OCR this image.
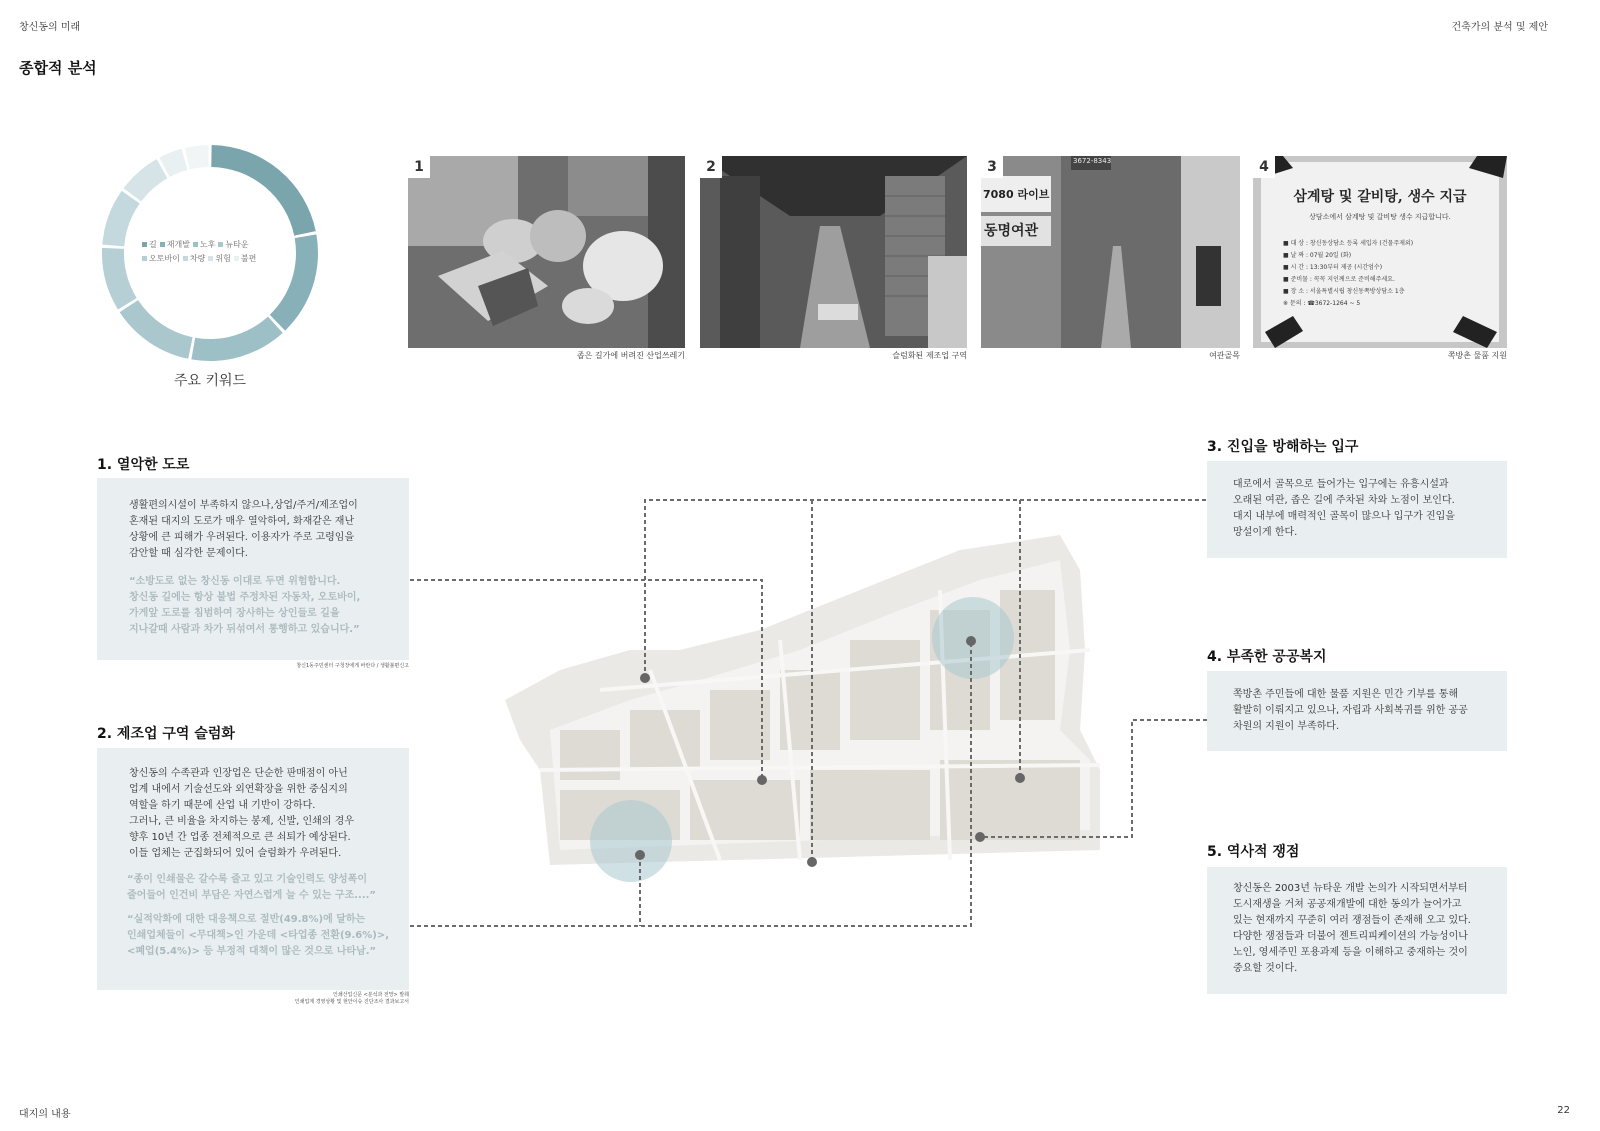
창신동의 미래	건축가의 분석 및 제안
종합적 분석
길 재개발 노후 뉴타운
오토바이 차량 위험 불편
주요 키워드
1
좁은 길가에 버려진 산업쓰레기
2
슬럼화된 제조업 구역
3672-8343
7080 라이브
동명여관
3
여관골목
삼계탕 및 갈비탕, 생수 지급
상담소에서 삼계탕 및 갈비탕 생수 지급합니다.
■ 대 상 : 창신동상담소 등록 세입자 (건물주제외)
■ 날 짜 : 07월 20일 (화)
■ 시 간 : 13:30부터 제공 (시간엄수)
■ 준비물 : 꼭꼭 지인께으로 준비해주세요.
■ 장 소 : 서울특별시립 창신동쪽방상담소 1층
※ 문의 : ☎3672-1264 ~ 5
4
쪽방촌 물품 지원
1. 열악한 도로
생활편의시설이 부족하지 않으나,상업/주거/제조업이
혼재된 대지의 도로가 매우 열악하여, 화재같은 재난
상황에 큰 피해가 우려된다. 이용자가 주로 고령임을
감안할 때 심각한 문제이다.
“소방도로 없는 창신동 이대로 두면 위험합니다.
창신동 길에는 항상 불법 주정차된 자동차, 오토바이,
가게앞 도로를 침범하여 장사하는 상인들로 길을
지나갈때 사람과 차가 뒤섞여서 통행하고 있습니다.”
창신1동주민센터 구청장에게 바란다 / 생활불편신고
2. 제조업 구역 슬럼화
창신동의 수족관과 인장업은 단순한 판매점이 아닌
업계 내에서 기술선도와 외연확장을 위한 중심지의
역할을 하기 때문에 산업 내 기반이 강하다.
그러나, 큰 비율을 차지하는 봉제, 신발, 인쇄의 경우
향후 10년 간 업종 전체적으로 큰 쇠퇴가 예상된다.
이들 업체는 군집화되어 있어 슬럼화가 우려된다.
“종이 인쇄물은 갈수록 줄고 있고 기술인력도 양성폭이
줄어들어 인건비 부담은 자연스럽게 늘 수 있는 구조....”
“실적악화에 대한 대응책으로 절반(49.8%)에 달하는
인쇄업체들이 <무대책>인 가운데 <타업종 전환(9.6%)>,
<폐업(5.4%)> 등 부정적 대책이 많은 것으로 나타남.”
인쇄산업신문 <분석과 전망> 발췌
인쇄업계 경영상황 및 현안이슈 진단조사 결과보고서
3. 진입을 방해하는 입구
대로에서 골목으로 들어가는 입구에는 유흥시설과
오래된 여관, 좁은 길에 주차된 차와 노점이 보인다.
대지 내부에 매력적인 골목이 많으나 입구가 진입을
망설이게 한다.
4. 부족한 공공복지
쪽방촌 주민들에 대한 물품 지원은 민간 기부를 통해
활발히 이뤄지고 있으나, 자립과 사회복귀를 위한 공공
차원의 지원이 부족하다.
5. 역사적 쟁점
창신동은 2003년 뉴타운 개발 논의가 시작되면서부터
도시재생을 거쳐 공공재개발에 대한 동의가 늘어가고
있는 현재까지 꾸준히 여러 쟁점들이 존재해 오고 있다.
다양한 쟁점들과 더불어 젠트리피케이션의 가능성이나
노인, 영세주민 포용과제 등을 이해하고 중재하는 것이
중요할 것이다.
대지의 내용	22
